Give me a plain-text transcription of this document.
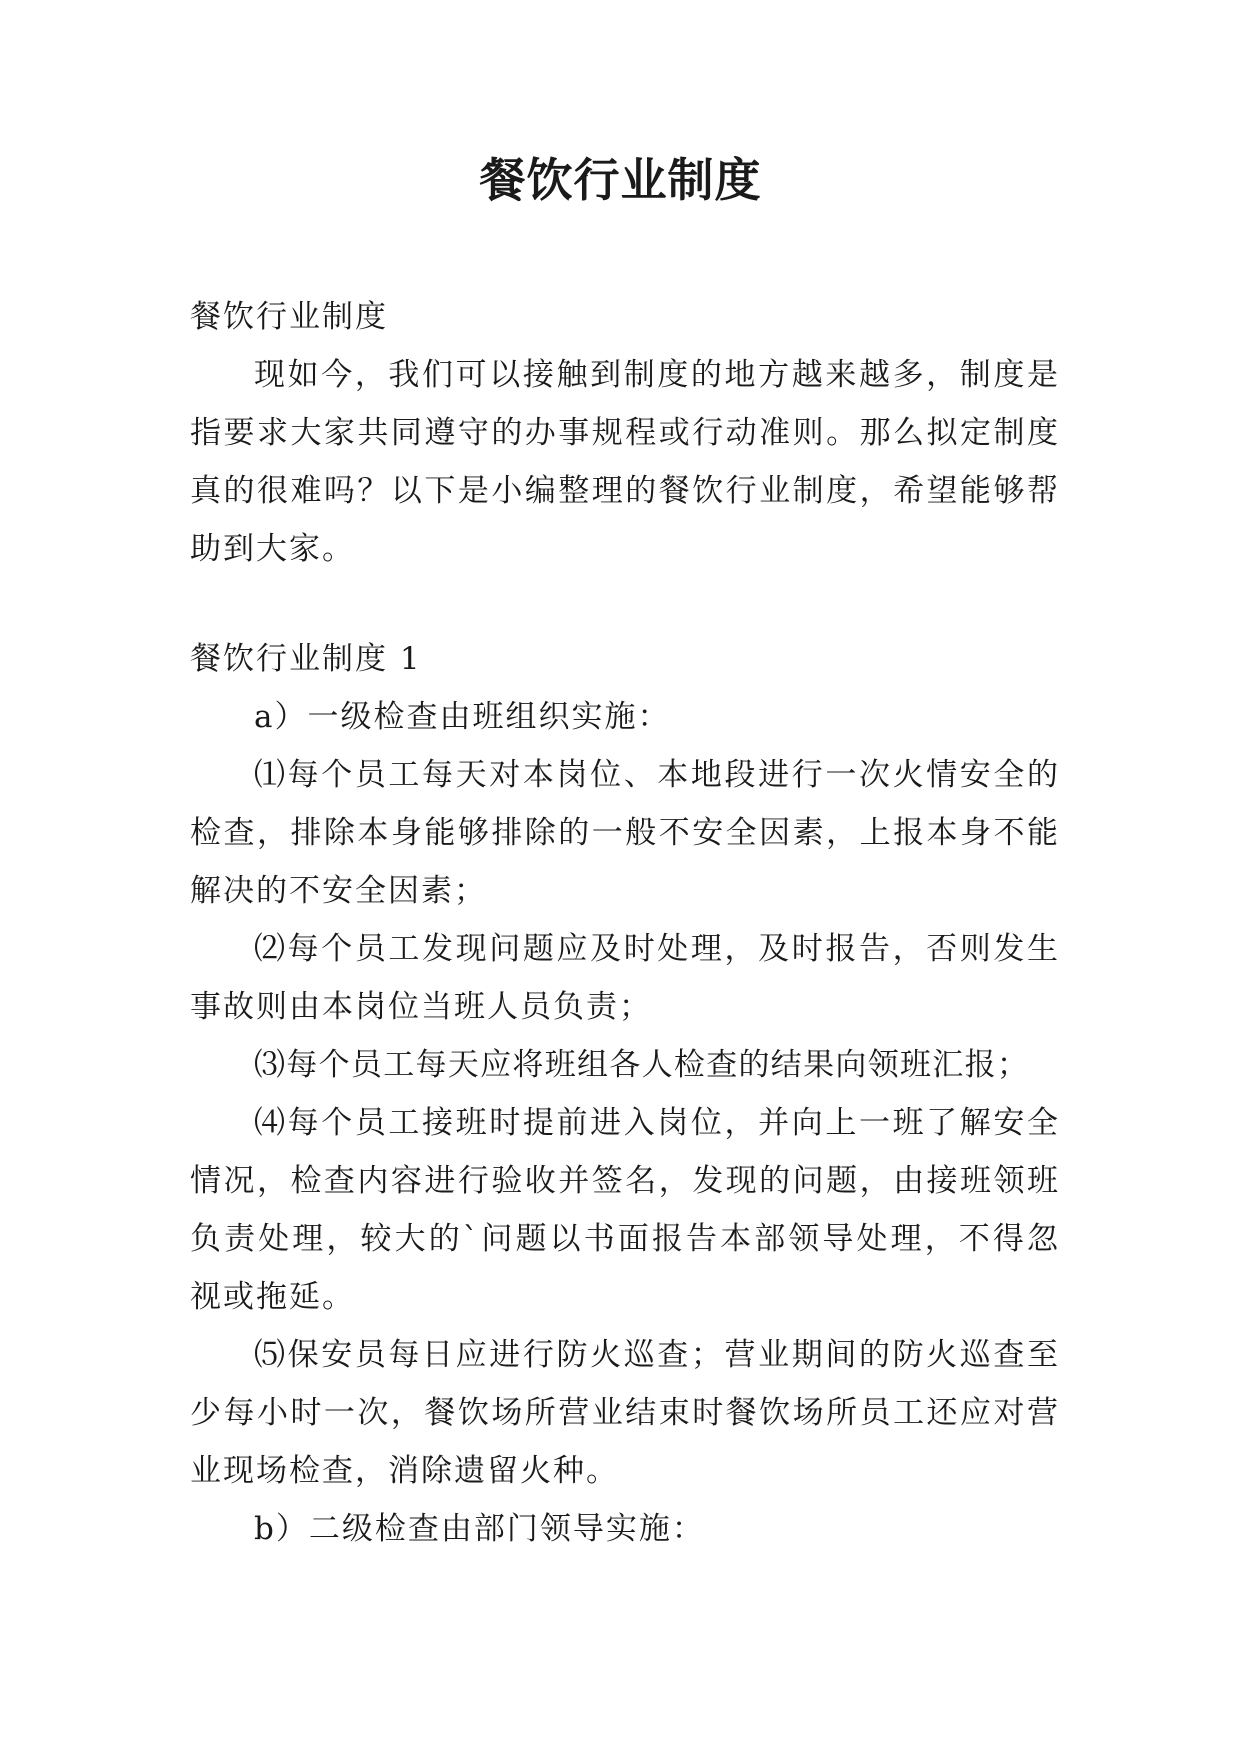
餐饮行业制度

餐饮行业制度

现如今，我们可以接触到制度的地方越来越多，制度是指要求大家共同遵守的办事规程或行动准则。那么拟定制度真的很难吗？以下是小编整理的餐饮行业制度，希望能够帮助到大家。

餐饮行业制度 1

a）一级检查由班组织实施：

⑴每个员工每天对本岗位、本地段进行一次火情安全的检查，排除本身能够排除的一般不安全因素，上报本身不能解决的不安全因素；

⑵每个员工发现问题应及时处理，及时报告，否则发生事故则由本岗位当班人员负责；

⑶每个员工每天应将班组各人检查的结果向领班汇报；

⑷每个员工接班时提前进入岗位，并向上一班了解安全情况，检查内容进行验收并签名，发现的问题，由接班领班负责处理，较大的`问题以书面报告本部领导处理，不得忽视或拖延。

⑸保安员每日应进行防火巡查；营业期间的防火巡查至少每小时一次，餐饮场所营业结束时餐饮场所员工还应对营业现场检查，消除遗留火种。

b）二级检查由部门领导实施：
